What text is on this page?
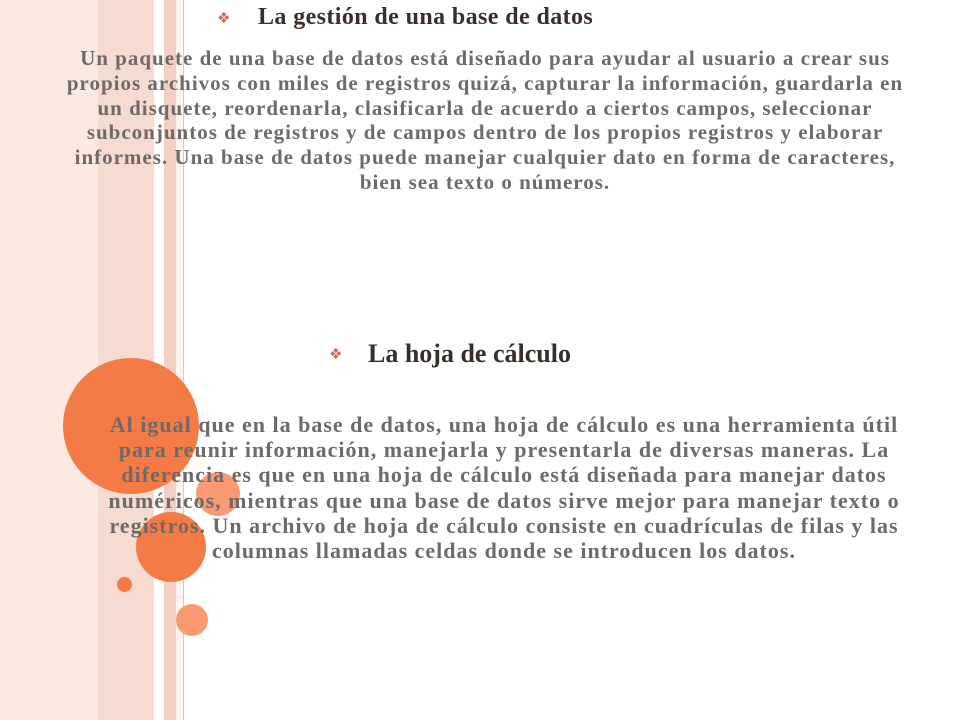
❖ La gestión de una base de datos

Un paquete de una base de datos está diseñado para ayudar al usuario a crear sus propios archivos con miles de registros quizá, capturar la información, guardarla en un disquete, reordenarla, clasificarla de acuerdo a ciertos campos, seleccionar subconjuntos de registros y de campos dentro de los propios registros y elaborar informes. Una base de datos puede manejar cualquier dato en forma de caracteres, bien sea texto o números.

❖ La hoja de cálculo

Al igual que en la base de datos, una hoja de cálculo es una herramienta útil para reunir información, manejarla y presentarla de diversas maneras. La diferencia es que en una hoja de cálculo está diseñada para manejar datos numéricos, mientras que una base de datos sirve mejor para manejar texto o registros. Un archivo de hoja de cálculo consiste en cuadrículas de filas y las columnas llamadas celdas donde se introducen los datos.
